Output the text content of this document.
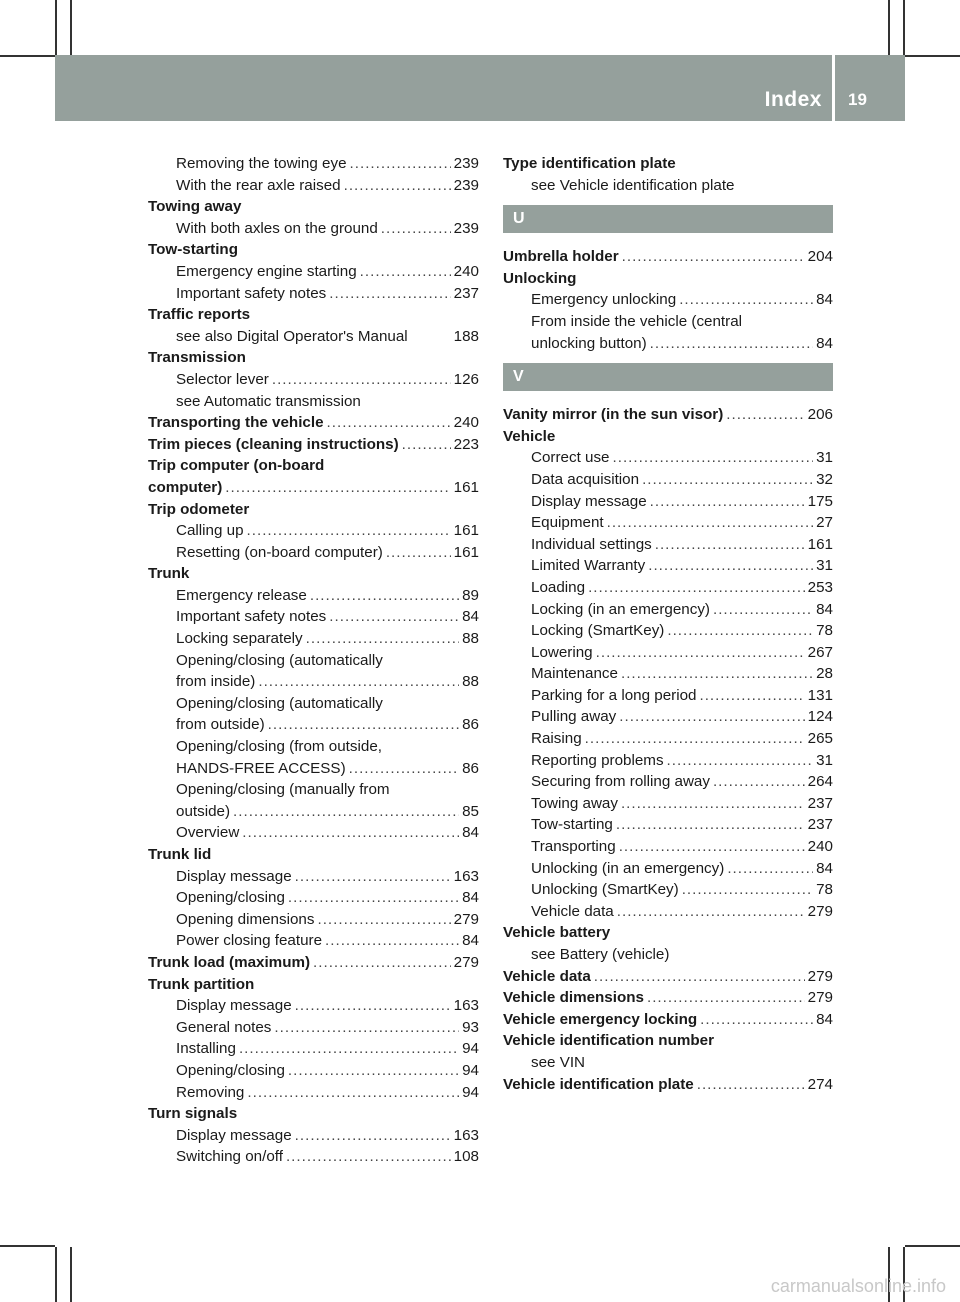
Index 19
Removing the towing eye .....	239
With the rear axle raised .....	239
Towing away
With both axles on the ground .....	239
Tow-starting
Emergency engine starting .....	240
Important safety notes .....	237
Traffic reports
see also Digital Operator's Manual	188
Transmission
Selector lever .....	126
see Automatic transmission
Transporting the vehicle .....	240
Trim pieces (cleaning instructions) .....	223
Trip computer (on-board
computer) .....	161
Trip odometer
Calling up .....	161
Resetting (on-board computer) .....	161
Trunk
Emergency release .....	89
Important safety notes .....	84
Locking separately .....	88
Opening/closing (automatically
from inside) .....	88
Opening/closing (automatically
from outside) .....	86
Opening/closing (from outside,
HANDS-FREE ACCESS) .....	86
Opening/closing (manually from
outside) .....	85
Overview .....	84
Trunk lid
Display message .....	163
Opening/closing .....	84
Opening dimensions .....	279
Power closing feature .....	84
Trunk load (maximum) .....	279
Trunk partition
Display message .....	163
General notes .....	93
Installing .....	94
Opening/closing .....	94
Removing .....	94
Turn signals
Display message .....	163
Switching on/off .....	108
Type identification plate
see Vehicle identification plate
U
Umbrella holder .....	204
Unlocking
Emergency unlocking .....	84
From inside the vehicle (central
unlocking button) .....	84
V
Vanity mirror (in the sun visor) .....	206
Vehicle
Correct use .....	31
Data acquisition .....	32
Display message .....	175
Equipment .....	27
Individual settings .....	161
Limited Warranty .....	31
Loading .....	253
Locking (in an emergency) .....	84
Locking (SmartKey) .....	78
Lowering .....	267
Maintenance .....	28
Parking for a long period .....	131
Pulling away .....	124
Raising .....	265
Reporting problems .....	31
Securing from rolling away .....	264
Towing away .....	237
Tow-starting .....	237
Transporting .....	240
Unlocking (in an emergency) .....	84
Unlocking (SmartKey) .....	78
Vehicle data .....	279
Vehicle battery
see Battery (vehicle)
Vehicle data .....	279
Vehicle dimensions .....	279
Vehicle emergency locking .....	84
Vehicle identification number
see VIN
Vehicle identification plate .....	274
carmanualsonline.info
